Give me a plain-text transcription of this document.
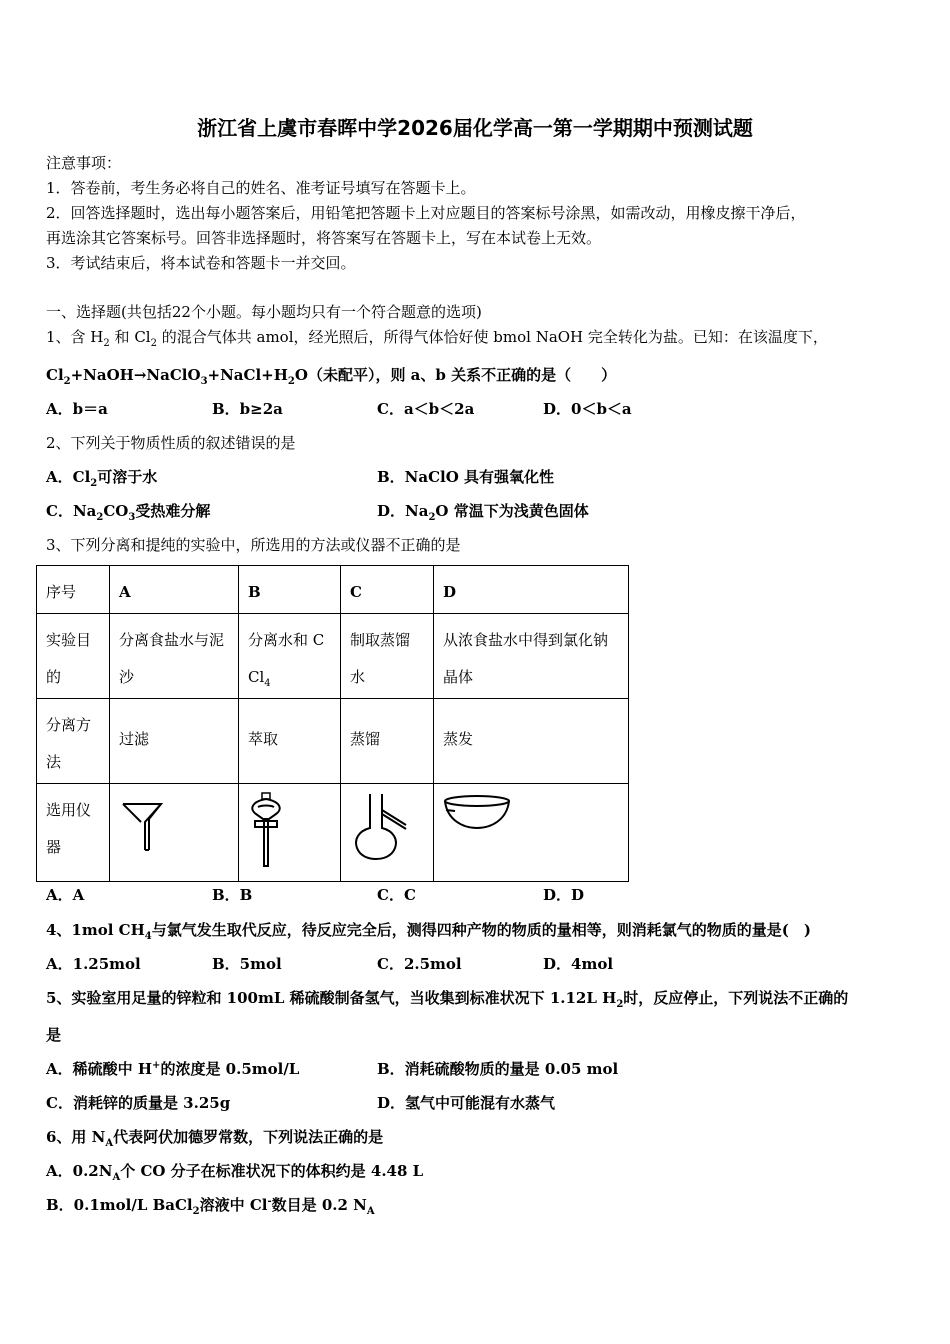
浙江省上虞市春晖中学2026届化学高一第一学期期中预测试题
注意事项：
1．答卷前，考生务必将自己的姓名、准考证号填写在答题卡上。
2．回答选择题时，选出每小题答案后，用铅笔把答题卡上对应题目的答案标号涂黑，如需改动，用橡皮擦干净后，
再选涂其它答案标号。回答非选择题时，将答案写在答题卡上，写在本试卷上无效。
3．考试结束后，将本试卷和答题卡一并交回。
一、选择题(共包括22个小题。每小题均只有一个符合题意的选项)
1、含 $H_2$ 和 $Cl_2$ 的混合气体共 amol，经光照后，所得气体恰好使 bmol NaOH 完全转化为盐。已知：在该温度下，
$Cl_2+NaOH\to NaClO_3+NaCl+H_2O$（未配平），则 a、b 关系不正确的是（　　）
A．b＝a	B．b≥2a	C．a＜b＜2a	D．0＜b＜a
2、下列关于物质性质的叙述错误的是
A．$Cl_2$可溶于水	B．NaClO 具有强氧化性
C．$Na_2CO_3$受热难分解	D．$Na_2O$ 常温下为浅黄色固体
3、下列分离和提纯的实验中，所选用的方法或仪器不正确的是
序号	A	B	C	D
实验目的	分离食盐水与泥沙	分离水和 CCl$_4$	制取蒸馏水	从浓食盐水中得到氯化钠晶体
分离方法	过滤	萃取	蒸馏	蒸发
选用仪器				
A．A	B．B	C．C	D．D
4、1mol $CH_4$与氯气发生取代反应，待反应完全后，测得四种产物的物质的量相等，则消耗氯气的物质的量是(　)
A．1.25mol	B．5mol	C．2.5mol	D．4mol
5、实验室用足量的锌粒和 100mL 稀硫酸制备氢气，当收集到标准状况下 1.12L $H_2$时，反应停止，下列说法不正确的
是
A．稀硫酸中 H+的浓度是 0.5mol/L	B．消耗硫酸物质的量是 0.05 mol
C．消耗锌的质量是 3.25g	D．氢气中可能混有水蒸气
6、用 $N_A$代表阿伏加德罗常数，下列说法正确的是
A．$0.2N_A$个 CO 分子在标准状况下的体积约是 4.48 L
B．0.1mol/L BaCl$_2$溶液中 Cl-数目是 0.2 $N_A$
